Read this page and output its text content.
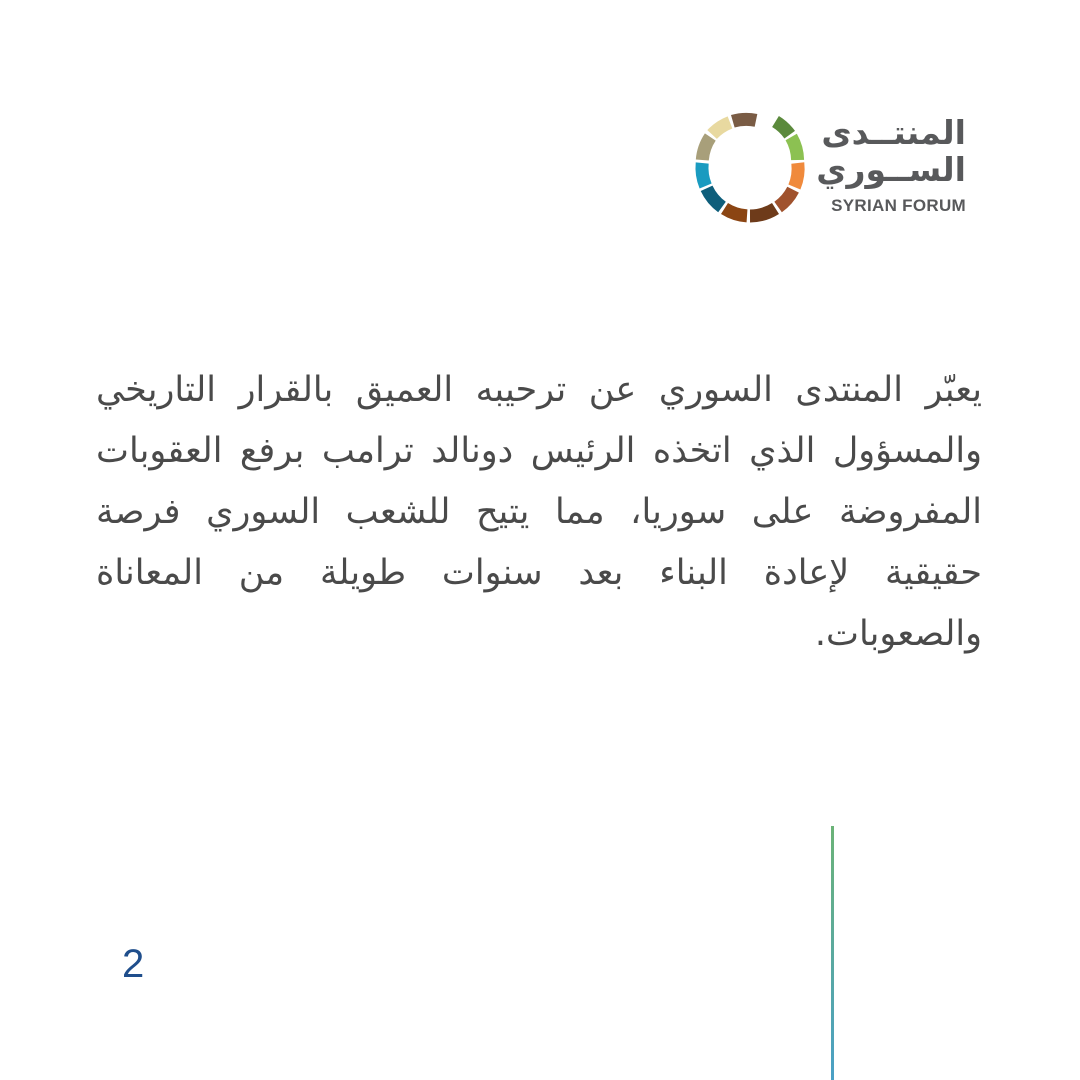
المنتــدى
الســوري
SYRIAN FORUM

يعبّر المنتدى السوري عن ترحيبه العميق بالقرار التاريخي والمسؤول الذي اتخذه الرئيس دونالد ترامب برفع العقوبات المفروضة على سوريا، مما يتيح للشعب السوري فرصة حقيقية لإعادة البناء بعد سنوات طويلة من المعاناة والصعوبات.

2
